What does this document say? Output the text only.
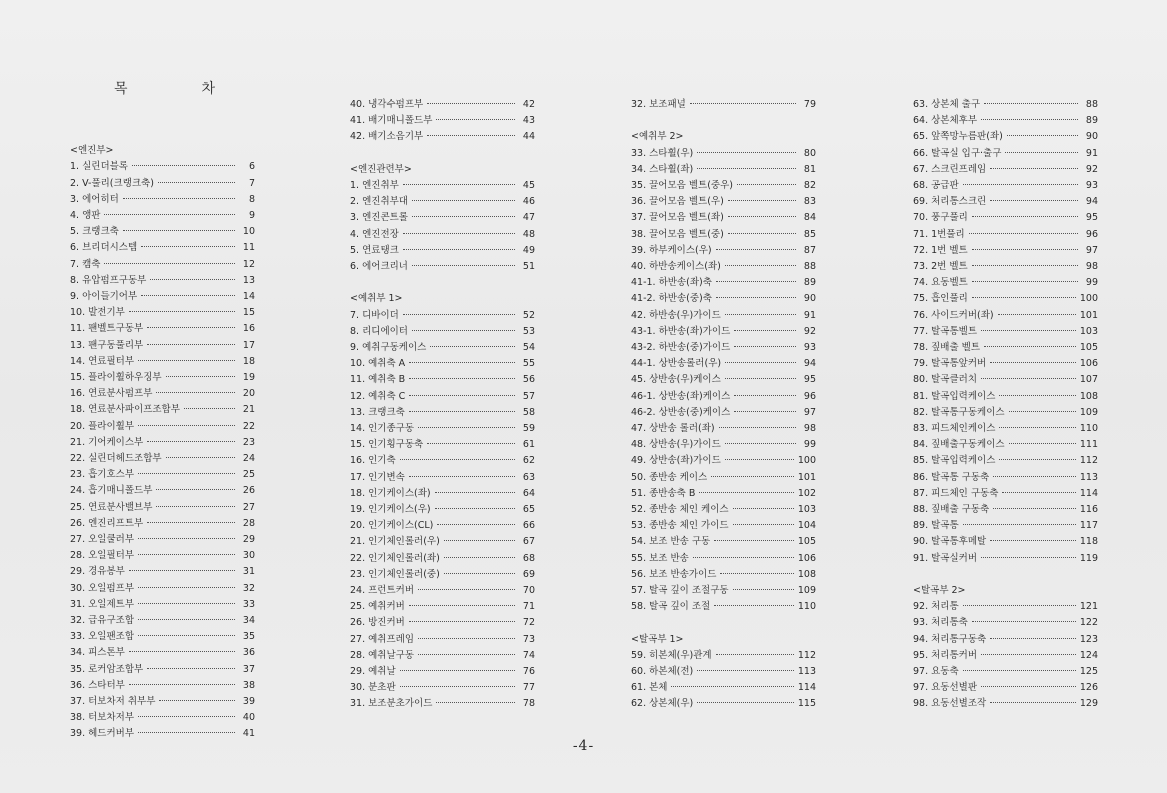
목	차
<엔진부>
1. 실린더블록	6
2. V-풀리(크랭크축)	7
3. 에어히터	8
4. 앵판	9
5. 크랭크축	10
6. 브리더시스템	11
7. 캠축	12
8. 유압펌프구동부	13
9. 아이들기어부	14
10. 발전기부	15
11. 팬벨트구동부	16
13. 팬구동풀리부	17
14. 연료필터부	18
15. 플라이휠하우징부	19
16. 연료분사펌프부	20
18. 연료분사파이프조합부	21
20. 플라이휠부	22
21. 기어케이스부	23
22. 실린더헤드조합부	24
23. 흡기호스부	25
24. 흡기매니폴드부	26
25. 연료분사밸브부	27
26. 엔진리프트부	28
27. 오일쿨러부	29
28. 오일필터부	30
29. 경유봉부	31
30. 오일펌프부	32
31. 오일제트부	33
32. 급유구조합	34
33. 오일팬조합	35
34. 피스톤부	36
35. 로커암조합부	37
36. 스타터부	38
37. 터보차저 취부부	39
38. 터보차저부	40
39. 헤드커버부	41
40. 냉각수펌프부	42
41. 배기매니폴드부	43
42. 배기소음기부	44
<엔진관련부>
1. 엔진취부	45
2. 엔진취부대	46
3. 엔진콘트롤	47
4. 엔진전장	48
5. 연료탱크	49
6. 에어크리너	51
<예취부 1>
7. 디바이더	52
8. 리디에이터	53
9. 예취구동케이스	54
10. 예취축 A	55
11. 예취축 B	56
12. 예취축 C	57
13. 크랭크축	58
14. 인기종구동	59
15. 인기횡구동축	61
16. 인기축	62
17. 인기변속	63
18. 인기케이스(좌)	64
19. 인기케이스(우)	65
20. 인기케이스(CL)	66
21. 인기체인롤러(우)	67
22. 인기체인롤러(좌)	68
23. 인기체인롤러(중)	69
24. 프런트커버	70
25. 예취커버	71
26. 방진커버	72
27. 예취프레임	73
28. 예취날구동	74
29. 예취날	76
30. 분초판	77
31. 보조분초가이드	78
32. 보조패널	79
<예취부 2>
33. 스타휠(우)	80
34. 스타휠(좌)	81
35. 끌어모음 벨트(중우)	82
36. 끌어모음 벨트(우)	83
37. 끌어모음 벨트(좌)	84
38. 끌어모음 벨트(중)	85
39. 하부케이스(우)	87
40. 하반송케이스(좌)	88
41-1. 하반송(좌)축	89
41-2. 하반송(중)축	90
42. 하반송(우)가이드	91
43-1. 하반송(좌)가이드	92
43-2. 하반송(중)가이드	93
44-1. 상반송롤러(우)	94
45. 상반송(우)케이스	95
46-1. 상반송(좌)케이스	96
46-2. 상반송(중)케이스	97
47. 상반송 롤러(좌)	98
48. 상반송(우)가이드	99
49. 상반송(좌)가이드	100
50. 종반송 케이스	101
51. 종반송축 B	102
52. 종반송 체인 케이스	103
53. 종반송 체인 가이드	104
54. 보조 반송 구동	105
55. 보조 반송	106
56. 보조 반송가이드	108
57. 탈곡 깊이 조절구동	109
58. 탈곡 깊이 조절	110
<탈곡부 1>
59. 히본체(우)관계	112
60. 하본체(전)	113
61. 본체	114
62. 상본체(우)	115
63. 상본체 출구	88
64. 상본체후부	89
65. 앞쪽망누름판(좌)	90
66. 탈곡실 입구·출구	91
67. 스크린프레임	92
68. 공급판	93
69. 처리통스크린	94
70. 풍구풀리	95
71. 1번풀리	96
72. 1번 벨트	97
73. 2번 벨트	98
74. 요동벨트	99
75. 흡인풀리	100
76. 사이드커버(좌)	101
77. 탈곡통벨트	103
78. 짚배출 벨트	105
79. 탈곡통앞커버	106
80. 탈곡클러치	107
81. 탈곡입력케이스	108
82. 탈곡통구동케이스	109
83. 피드체인케이스	110
84. 짚배출구동케이스	111
85. 탈곡입력케이스	112
86. 탈곡통 구동축	113
87. 피드체인 구동축	114
88. 짚배출 구동축	116
89. 탈곡통	117
90. 탈곡통후메탈	118
91. 탈곡실커버	119
<탈곡부 2>
92. 처리통	121
93. 처리통축	122
94. 처리통구동축	123
95. 처리통커버	124
97. 요동축	125
97. 요동선별판	126
98. 요동선별조작	129
-4-
